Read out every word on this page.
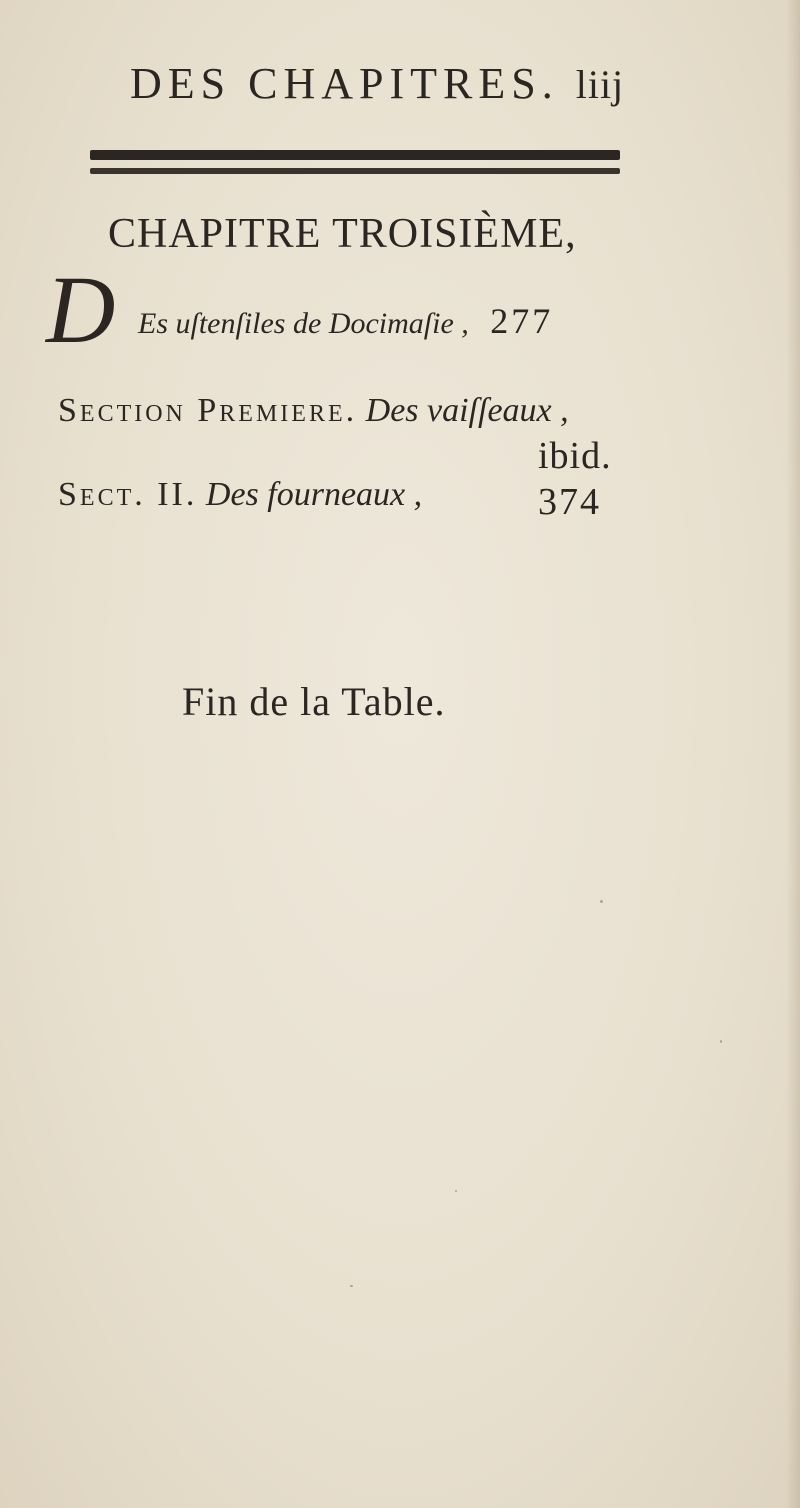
DES CHAPITRES. liij
CHAPITRE TROISIÈME,
D Es uſtenſiles de Docimaſie , 277
Section Premiere. Des vaiſſeaux ,
ibid.
Sect. II. Des fourneaux ,	374
Fin de la Table.
